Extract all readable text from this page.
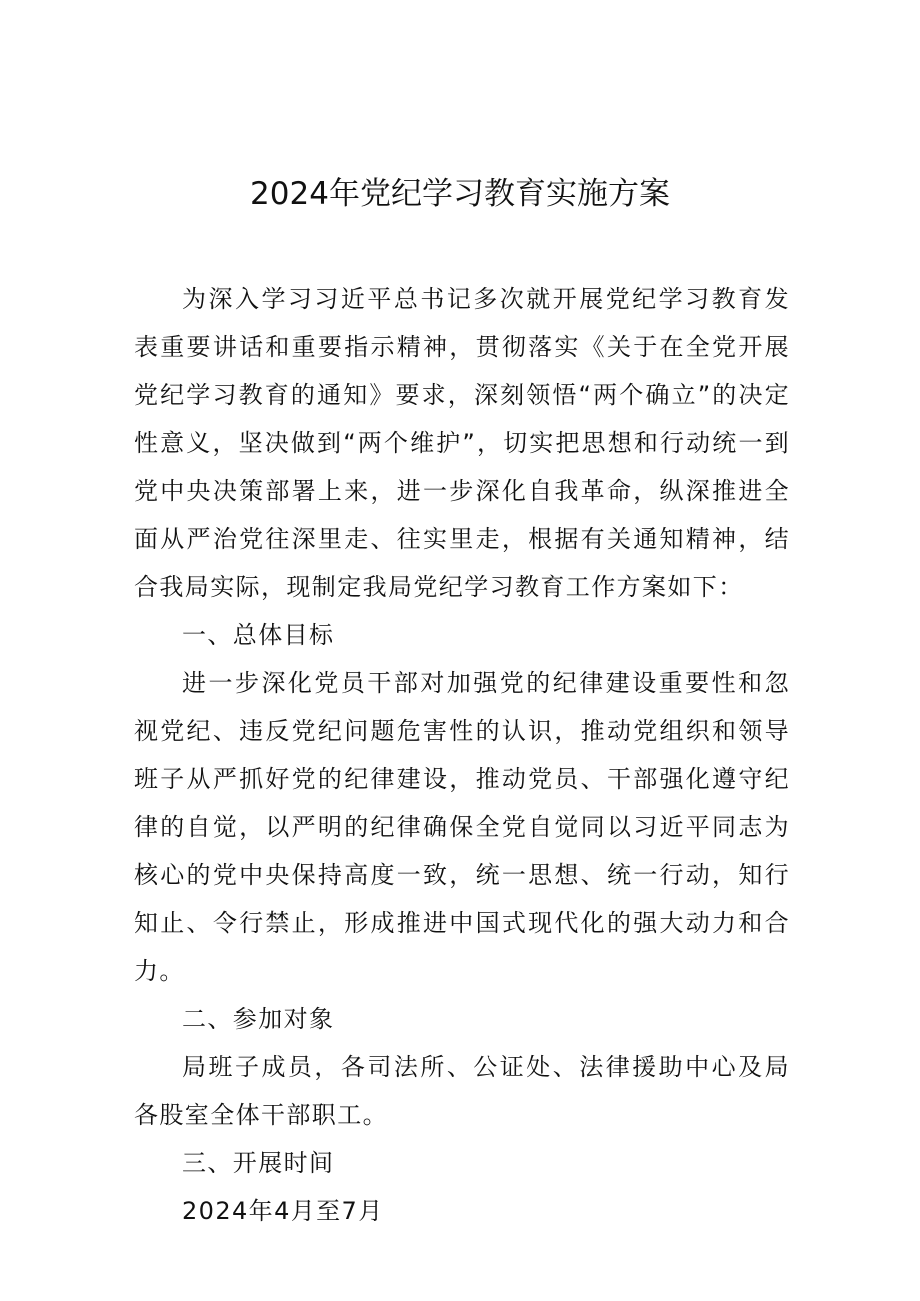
2024年党纪学习教育实施方案

为深入学习习近平总书记多次就开展党纪学习教育发表重要讲话和重要指示精神，贯彻落实《关于在全党开展党纪学习教育的通知》要求，深刻领悟“两个确立”的决定性意义，坚决做到“两个维护”，切实把思想和行动统一到党中央决策部署上来，进一步深化自我革命，纵深推进全面从严治党往深里走、往实里走，根据有关通知精神，结合我局实际，现制定我局党纪学习教育工作方案如下：

一、总体目标

进一步深化党员干部对加强党的纪律建设重要性和忽视党纪、违反党纪问题危害性的认识，推动党组织和领导班子从严抓好党的纪律建设，推动党员、干部强化遵守纪律的自觉，以严明的纪律确保全党自觉同以习近平同志为核心的党中央保持高度一致，统一思想、统一行动，知行知止、令行禁止，形成推进中国式现代化的强大动力和合力。

二、参加对象

局班子成员，各司法所、公证处、法律援助中心及局各股室全体干部职工。

三、开展时间

2024年4月至7月
